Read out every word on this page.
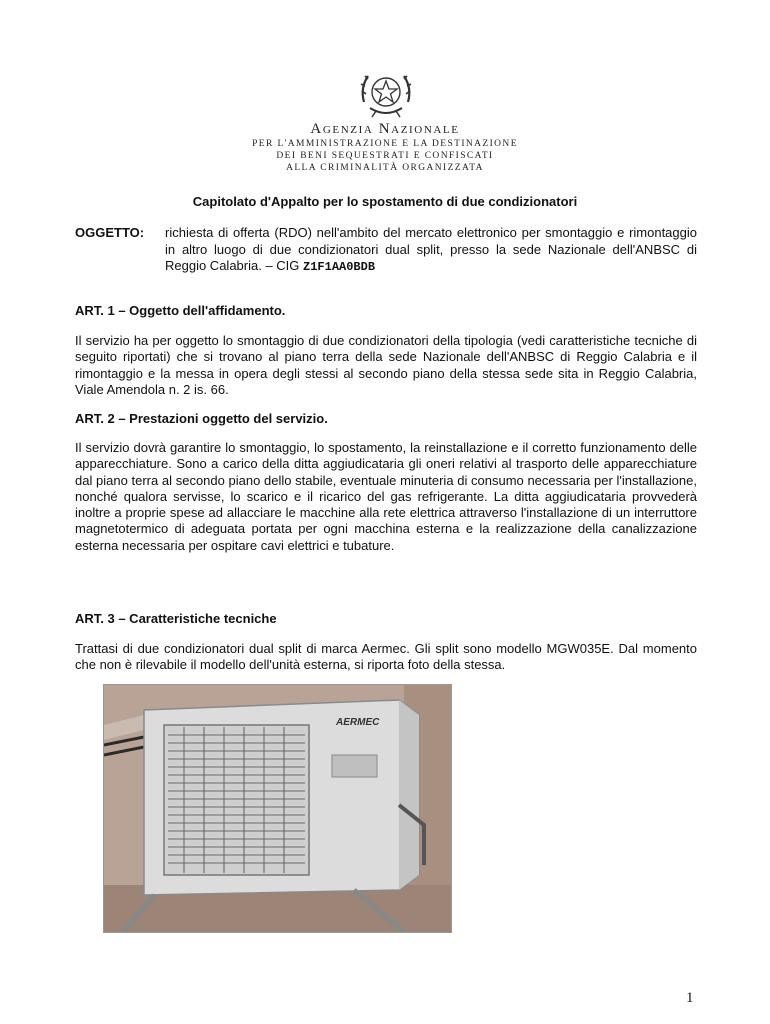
Agenzia Nazionale
PER L'AMMINISTRAZIONE E LA DESTINAZIONE
DEI BENI SEQUESTRATI E CONFISCATI
ALLA CRIMINALITÀ ORGANIZZATA
Capitolato d'Appalto per lo spostamento di due condizionatori
OGGETTO: richiesta di offerta (RDO) nell'ambito del mercato elettronico per smontaggio e rimontaggio in altro luogo di due condizionatori dual split, presso la sede Nazionale dell'ANBSC di Reggio Calabria. – CIG Z1F1AA0BDB
ART. 1 – Oggetto dell'affidamento.

Il servizio ha per oggetto lo smontaggio di due condizionatori della tipologia (vedi caratteristiche tecniche di seguito riportati) che si trovano al piano terra della sede Nazionale dell'ANBSC di Reggio Calabria e il rimontaggio e la messa in opera degli stessi al secondo piano della stessa sede sita in Reggio Calabria, Viale Amendola n. 2 is. 66.

ART. 2 – Prestazioni oggetto del servizio.

Il servizio dovrà garantire lo smontaggio, lo spostamento, la reinstallazione e il corretto funzionamento delle apparecchiature. Sono a carico della ditta aggiudicataria gli oneri relativi al trasporto delle apparecchiature dal piano terra al secondo piano dello stabile, eventuale minuteria di consumo necessaria per l'installazione, nonché qualora servisse, lo scarico e il ricarico del gas refrigerante. La ditta aggiudicataria provvederà inoltre a proprie spese ad allacciare le macchine alla rete elettrica attraverso l'installazione di un interruttore magnetotermico di adeguata portata per ogni macchina esterna e la realizzazione della canalizzazione esterna necessaria per ospitare cavi elettrici e tubature.

ART. 3 – Caratteristiche tecniche

Trattasi di due condizionatori dual split di marca Aermec. Gli split sono modello MGW035E. Dal momento che non è rilevabile il modello dell'unità esterna, si riporta foto della stessa.

AERMEC
1
